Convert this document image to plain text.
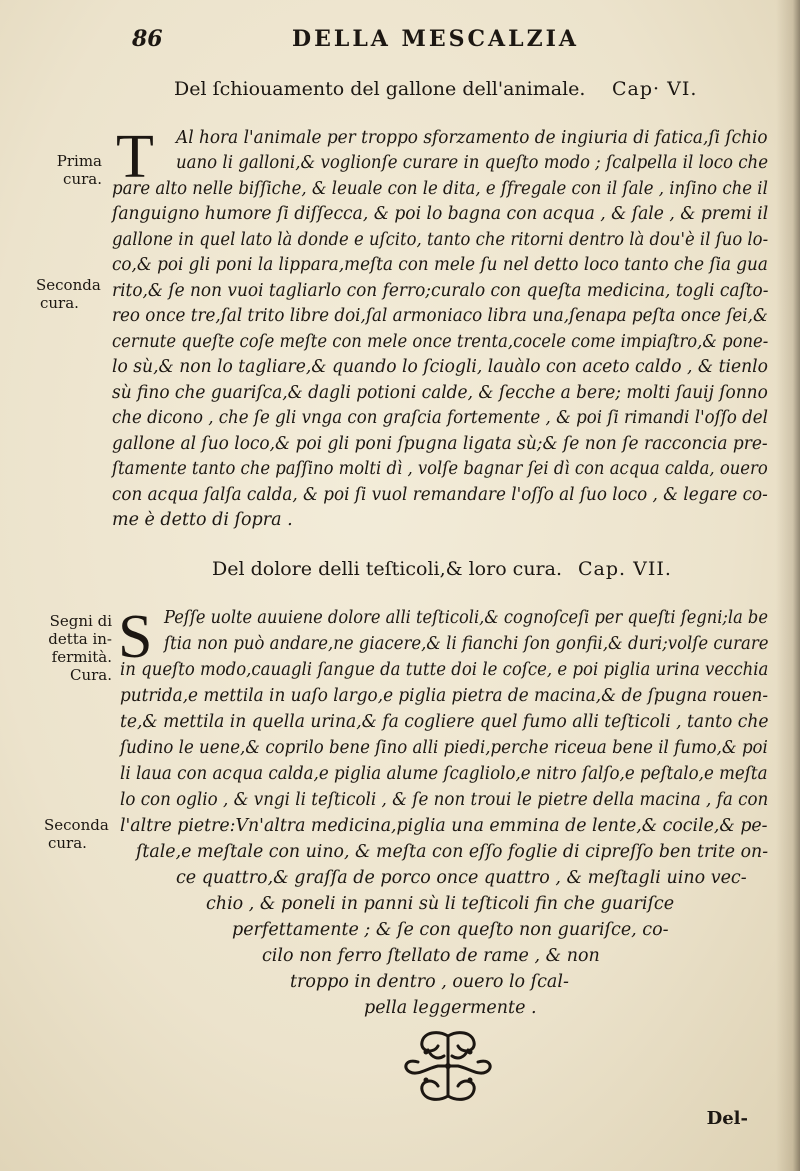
86	DELLA MESCALZIA
Del ſchiouamento del gallone dell'animale. Cap· VI.
T Al hora l'animale per troppo sforzamento de ingiuria di fatica,ſi ſchio
uano li galloni,& voglionſe curare in queſto modo ; ſcalpella il loco che
pare alto nelle biſſiche, & leuale con le dita, e ſfregale con il ſale , inſino che il
ſanguigno humore ſi diſſecca, & poi lo bagna con acqua , & ſale , & premi il
gallone in quel lato là donde e uſcito, tanto che ritorni dentro là dou'è il ſuo lo-
co,& poi gli poni la lippara,meſta con mele ſu nel detto loco tanto che ſia gua
rito,& ſe non vuoi tagliarlo con ferro;curalo con queſta medicina, togli caſto-
reo once tre,ſal trito libre doi,ſal armoniaco libra una,ſenapa peſta once ſei,&
cernute queſte coſe meſte con mele once trenta,cocele come impiaſtro,& pone-
lo sù,& non lo tagliare,& quando lo ſciogli, lauàlo con aceto caldo , & tienlo
sù fino che guariſca,& dagli potioni calde, & ſecche a bere; molti ſauij ſonno
che dicono , che ſe gli vnga con graſcia fortemente , & poi ſi rimandi l'oſſo del
gallone al ſuo loco,& poi gli poni ſpugna ligata sù;& ſe non ſe racconcia pre-
ſtamente tanto che paſſino molti dì , volſe bagnar ſei dì con acqua calda, ouero
con acqua ſalſa calda, & poi ſi vuol remandare l'oſſo al ſuo loco , & legare co-
me è detto di ſopra .
Prima
cura.
Seconda
cura.
Del dolore delli teſticoli,& loro cura. Cap. VII.
S Peſſe uolte auuiene dolore alli teſticoli,& cognoſceſi per queſti ſegni;la be
ſtia non può andare,ne giacere,& li fianchi ſon gonfii,& duri;volſe curare
in queſto modo,cauagli ſangue da tutte doi le coſce, e poi piglia urina vecchia
putrida,e mettila in uaſo largo,e piglia pietra de macina,& de ſpugna rouen-
te,& mettila in quella urina,& fa cogliere quel fumo alli teſticoli , tanto che
ſudino le uene,& coprilo bene ſino alli piedi,perche riceua bene il fumo,& poi
li laua con acqua calda,e piglia alume ſcagliolo,e nitro ſalſo,e peſtalo,e meſta
lo con oglio , & vngi li teſticoli , & ſe non troui le pietre della macina , fa con
l'altre pietre:Vn'altra medicina,piglia una emmina de lente,& cocile,& pe-
ſtale,e meſtale con uino, & meſta con eſſo foglie di cipreſſo ben trite on-
ce quattro,& graſſa de porco once quattro , & meſtagli uino vec-
chio , & poneli in panni sù li teſticoli fin che guariſce
perfettamente ; & ſe con queſto non guariſce, co-
cilo non ferro ſtellato de rame , & non
troppo in dentro , ouero lo ſcal-
pella leggermente .
Segni di
detta in-
fermità.
Cura.
Seconda
cura.
Del-
